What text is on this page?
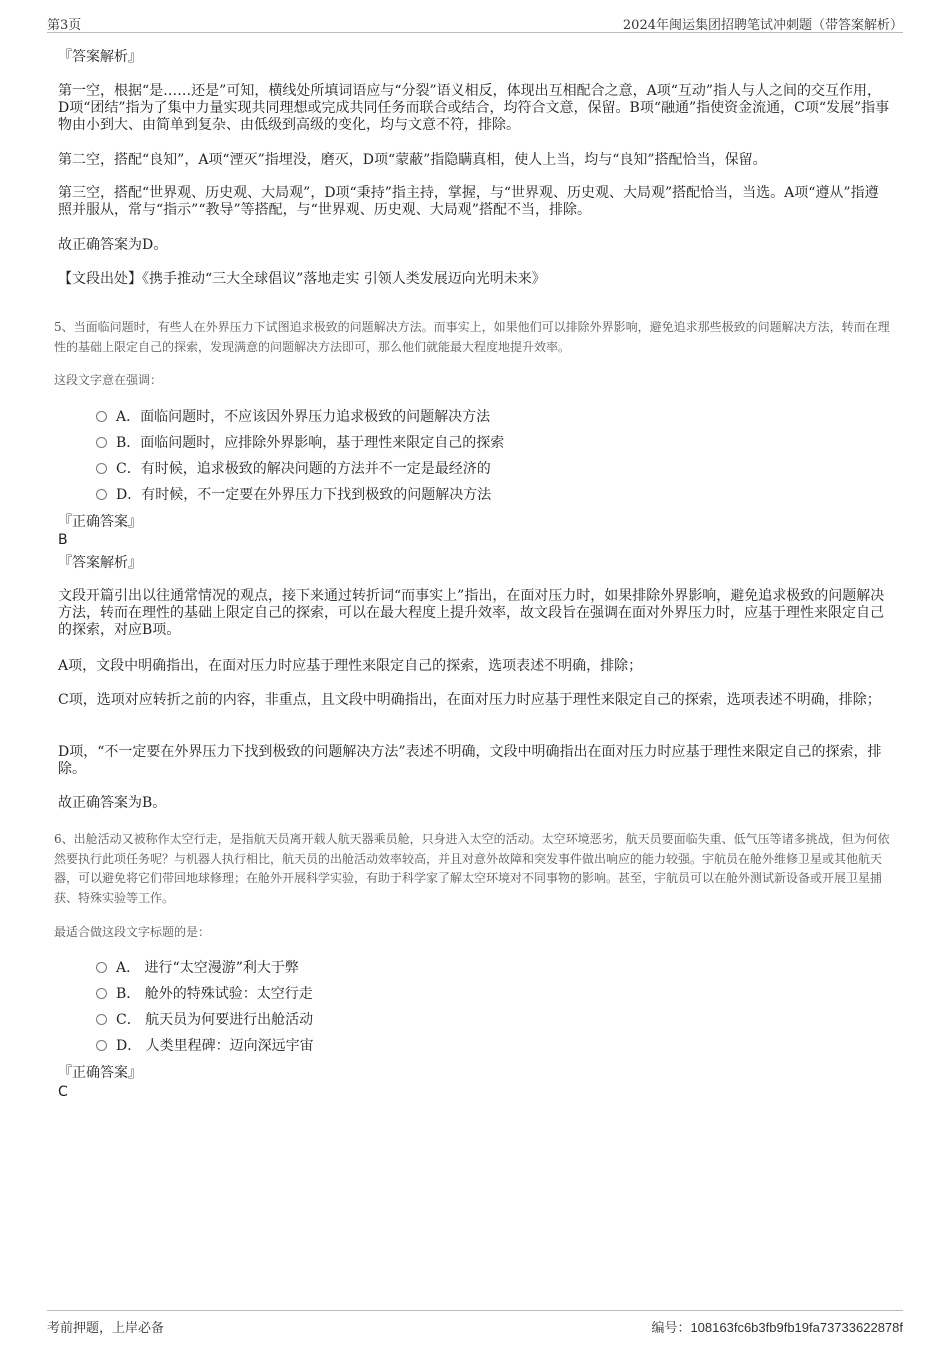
第3页	2024年闽运集团招聘笔试冲刺题（带答案解析）
『答案解析』
第一空，根据“是……还是”可知，横线处所填词语应与“分裂”语义相反，体现出互相配合之意，A项“互动”指人与人之间的交互作用，D项“团结”指为了集中力量实现共同理想或完成共同任务而联合或结合，均符合文意，保留。B项“融通”指使资金流通，C项“发展”指事物由小到大、由简单到复杂、由低级到高级的变化，均与文意不符，排除。
第二空，搭配“良知”，A项“湮灭”指埋没，磨灭，D项“蒙蔽”指隐瞒真相，使人上当，均与“良知”搭配恰当，保留。
第三空，搭配“世界观、历史观、大局观”，D项“秉持”指主持，掌握，与“世界观、历史观、大局观”搭配恰当，当选。A项“遵从”指遵照并服从，常与“指示”“教导”等搭配，与“世界观、历史观、大局观”搭配不当，排除。
故正确答案为D。
【文段出处】《携手推动“三大全球倡议”落地走实 引领人类发展迈向光明未来》
5、当面临问题时，有些人在外界压力下试图追求极致的问题解决方法。而事实上，如果他们可以排除外界影响，避免追求那些极致的问题解决方法，转而在理性的基础上限定自己的探索，发现满意的问题解决方法即可，那么他们就能最大程度地提升效率。
这段文字意在强调：
A．面临问题时，不应该因外界压力追求极致的问题解决方法
B．面临问题时，应排除外界影响，基于理性来限定自己的探索
C．有时候，追求极致的解决问题的方法并不一定是最经济的
D．有时候，不一定要在外界压力下找到极致的问题解决方法
『正确答案』
B
『答案解析』
文段开篇引出以往通常情况的观点，接下来通过转折词“而事实上”指出，在面对压力时，如果排除外界影响，避免追求极致的问题解决方法，转而在理性的基础上限定自己的探索，可以在最大程度上提升效率，故文段旨在强调在面对外界压力时，应基于理性来限定自己的探索，对应B项。
A项，文段中明确指出，在面对压力时应基于理性来限定自己的探索，选项表述不明确，排除；
C项，选项对应转折之前的内容，非重点，且文段中明确指出，在面对压力时应基于理性来限定自己的探索，选项表述不明确，排除；
D项，“不一定要在外界压力下找到极致的问题解决方法”表述不明确，文段中明确指出在面对压力时应基于理性来限定自己的探索，排除。
故正确答案为B。
6、出舱活动又被称作太空行走，是指航天员离开载人航天器乘员舱，只身进入太空的活动。太空环境恶劣，航天员要面临失重、低气压等诸多挑战，但为何依然要执行此项任务呢？与机器人执行相比，航天员的出舱活动效率较高，并且对意外故障和突发事件做出响应的能力较强。宇航员在舱外维修卫星或其他航天器，可以避免将它们带回地球修理；在舱外开展科学实验，有助于科学家了解太空环境对不同事物的影响。甚至，宇航员可以在舱外测试新设备或开展卫星捕获、特殊实验等工作。
最适合做这段文字标题的是：
A． 进行“太空漫游”利大于弊
B． 舱外的特殊试验：太空行走
C． 航天员为何要进行出舱活动
D． 人类里程碑：迈向深远宇宙
『正确答案』
C
考前押题，上岸必备	编号：108163fc6b3fb9fb19fa73733622878f
